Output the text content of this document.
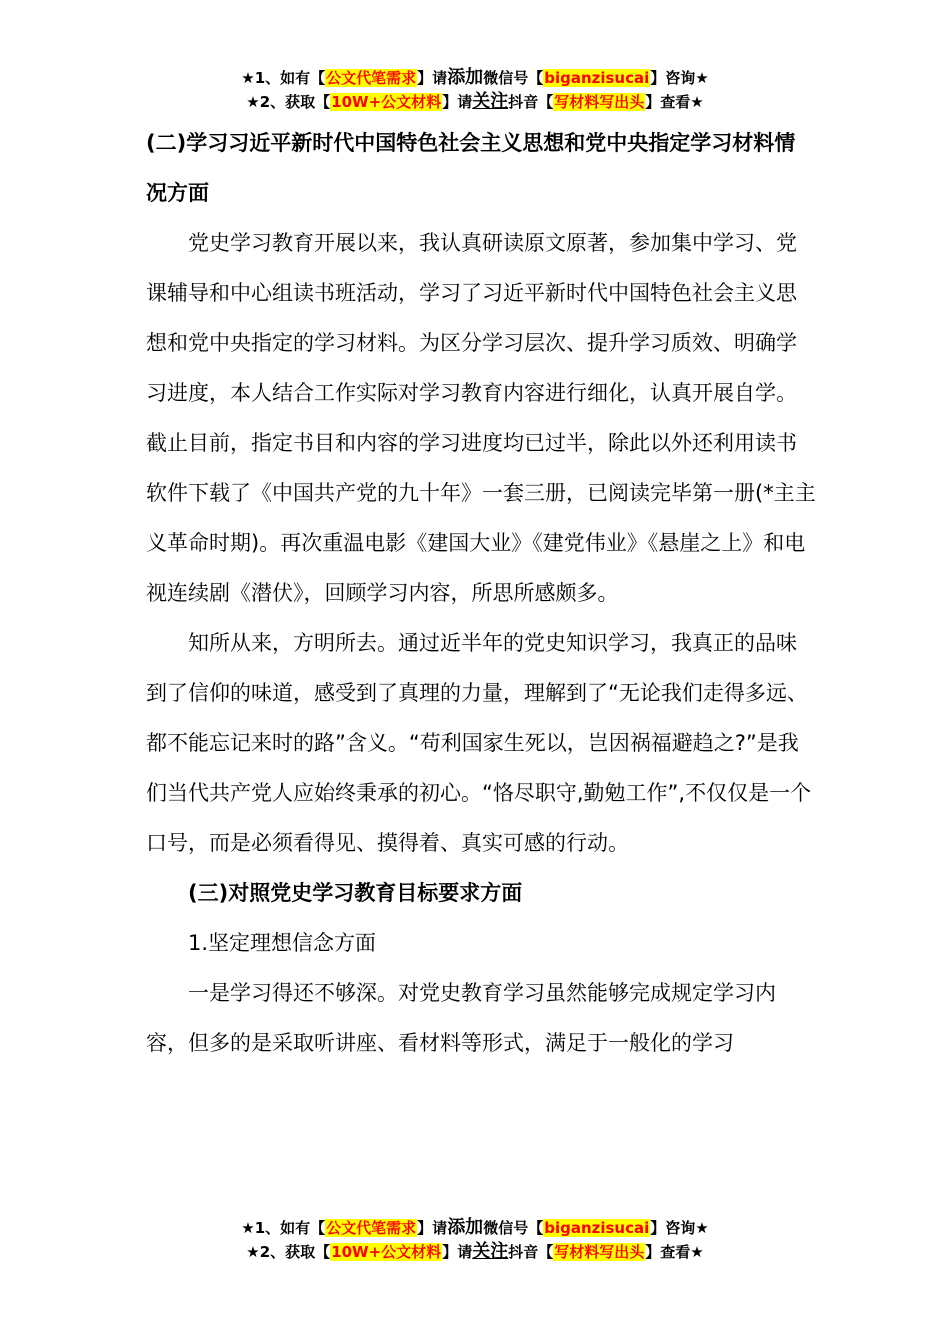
★1、如有【公文代笔需求】请添加微信号【biganzisucai】咨询★
★2、获取【10W+公文材料】请关注抖音【写材料写出头】查看★

(二)学习习近平新时代中国特色社会主义思想和党中央指定学习材料情况方面

党史学习教育开展以来，我认真研读原文原著，参加集中学习、党课辅导和中心组读书班活动，学习了习近平新时代中国特色社会主义思想和党中央指定的学习材料。为区分学习层次、提升学习质效、明确学习进度，本人结合工作实际对学习教育内容进行细化，认真开展自学。截止目前，指定书目和内容的学习进度均已过半，除此以外还利用读书软件下载了《中国共产党的九十年》一套三册，已阅读完毕第一册(*主主义革命时期)。再次重温电影《建国大业》《建党伟业》《悬崖之上》和电视连续剧《潜伏》，回顾学习内容，所思所感颇多。

知所从来，方明所去。通过近半年的党史知识学习，我真正的品味到了信仰的味道，感受到了真理的力量，理解到了“无论我们走得多远、都不能忘记来时的路”含义。“苟利国家生死以，岂因祸福避趋之?”是我们当代共产党人应始终秉承的初心。“恪尽职守,勤勉工作”,不仅仅是一个口号，而是必须看得见、摸得着、真实可感的行动。

(三)对照党史学习教育目标要求方面

1.坚定理想信念方面

一是学习得还不够深。对党史教育学习虽然能够完成规定学习内容，但多的是采取听讲座、看材料等形式，满足于一般化的学习

★1、如有【公文代笔需求】请添加微信号【biganzisucai】咨询★
★2、获取【10W+公文材料】请关注抖音【写材料写出头】查看★
